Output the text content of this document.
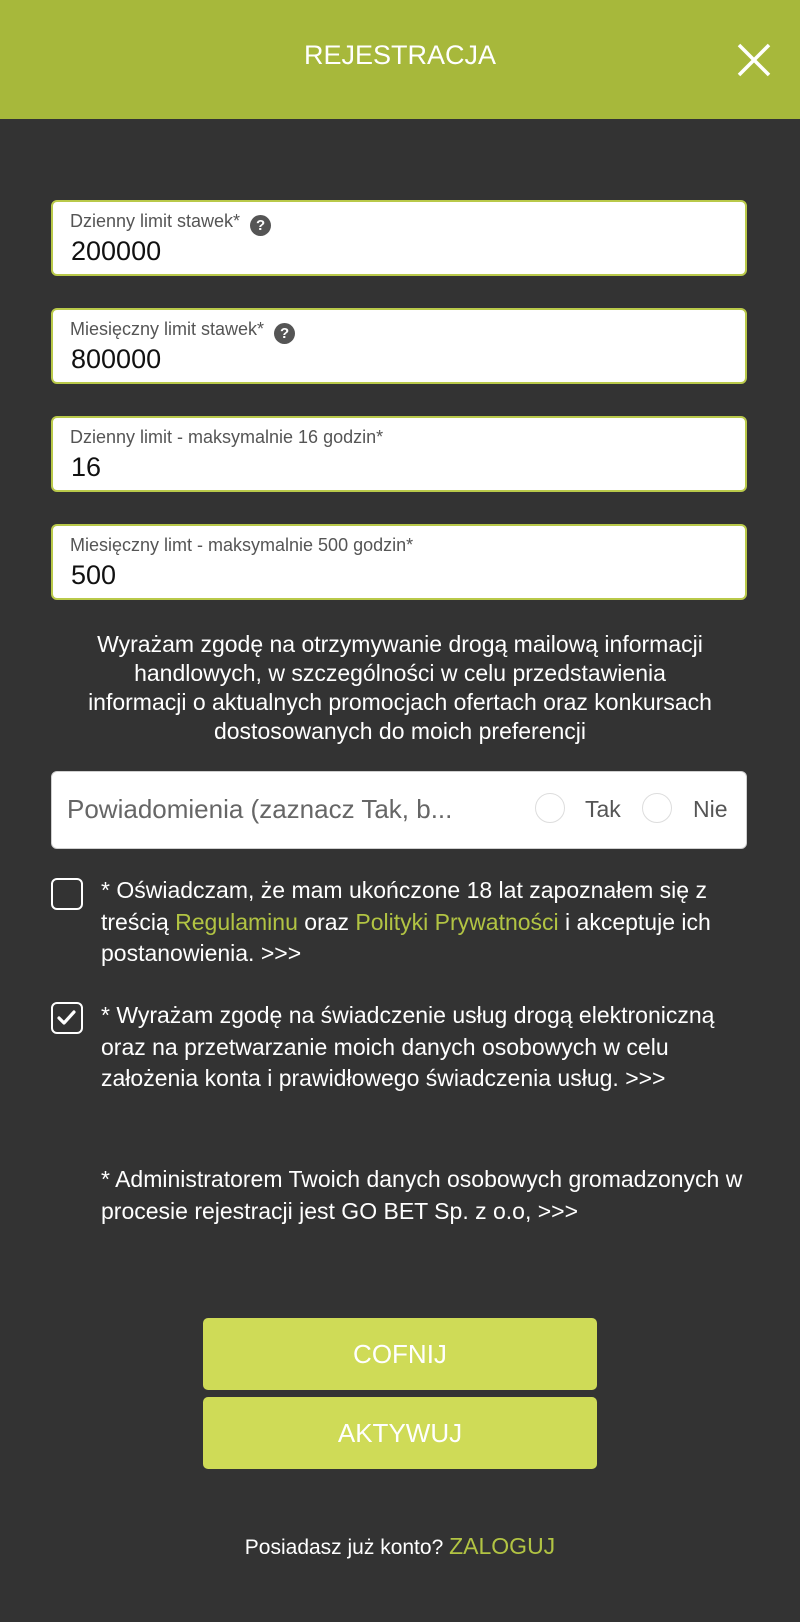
REJESTRACJA
Dzienny limit stawek* ?
200000
Miesięczny limit stawek* ?
800000
Dzienny limit - maksymalnie 16 godzin*
16
Miesięczny limt - maksymalnie 500 godzin*
500
Wyrażam zgodę na otrzymywanie drogą mailową informacji
handlowych, w szczególności w celu przedstawienia
informacji o aktualnych promocjach ofertach oraz konkursach
dostosowanych do moich preferencji
Powiadomienia (zaznacz Tak, b...	Tak	Nie
* Oświadczam, że mam ukończone 18 lat zapoznałem się z treścią Regulaminu oraz Polityki Prywatności i akceptuje ich postanowienia. >>>
* Wyrażam zgodę na świadczenie usług drogą elektroniczną oraz na przetwarzanie moich danych osobowych w celu założenia konta i prawidłowego świadczenia usług. >>>
* Administratorem Twoich danych osobowych gromadzonych w procesie rejestracji jest GO BET Sp. z o.o, >>>
COFNIJ
AKTYWUJ
Posiadasz już konto? ZALOGUJ
